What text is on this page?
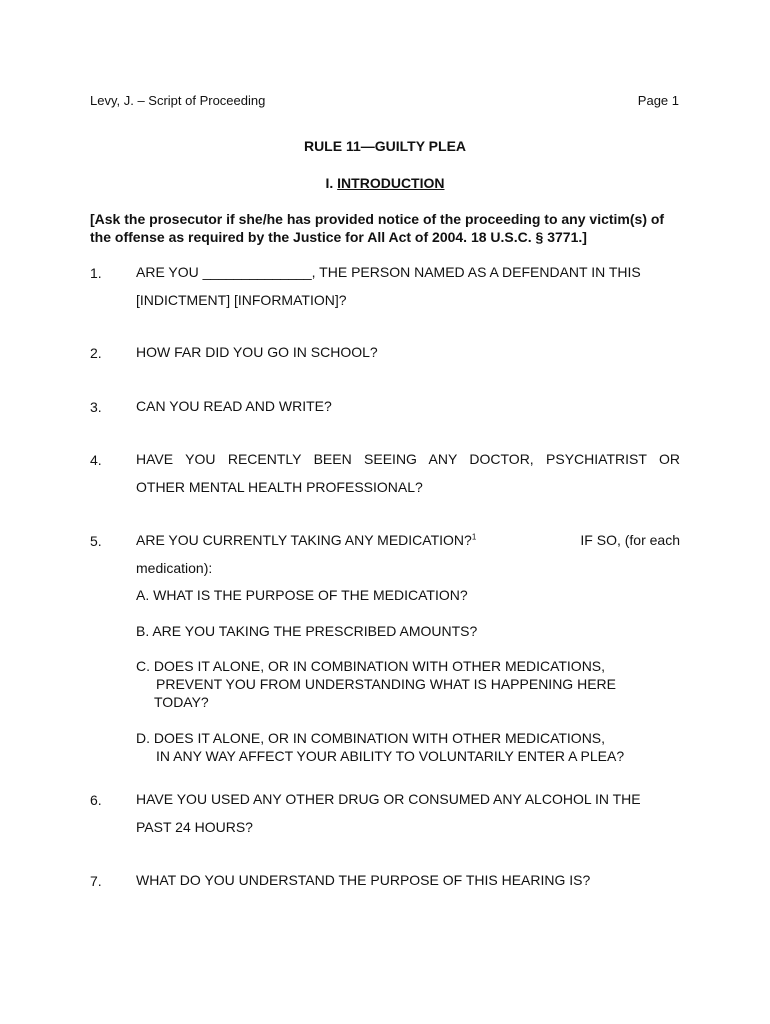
Levy, J. – Script of Proceeding	Page 1
RULE 11—GUILTY PLEA
I. INTRODUCTION
[Ask the prosecutor if she/he has provided notice of the proceeding to any victim(s) of the offense as required by the Justice for All Act of 2004. 18 U.S.C. § 3771.]
1. ARE YOU ______________, THE PERSON NAMED AS A DEFENDANT IN THIS
[INDICTMENT] [INFORMATION]?
2. HOW FAR DID YOU GO IN SCHOOL?
3. CAN YOU READ AND WRITE?
4. HAVE YOU RECENTLY BEEN SEEING ANY DOCTOR, PSYCHIATRIST OR
OTHER MENTAL HEALTH PROFESSIONAL?
5. ARE YOU CURRENTLY TAKING ANY MEDICATION?$^1$	IF SO, (for each
medication):
A. WHAT IS THE PURPOSE OF THE MEDICATION?
B. ARE YOU TAKING THE PRESCRIBED AMOUNTS?
C. DOES IT ALONE, OR IN COMBINATION WITH OTHER MEDICATIONS,
PREVENT YOU FROM UNDERSTANDING WHAT IS HAPPENING HERE
TODAY?
D. DOES IT ALONE, OR IN COMBINATION WITH OTHER MEDICATIONS,
IN ANY WAY AFFECT YOUR ABILITY TO VOLUNTARILY ENTER A PLEA?
6. HAVE YOU USED ANY OTHER DRUG OR CONSUMED ANY ALCOHOL IN THE
PAST 24 HOURS?
7. WHAT DO YOU UNDERSTAND THE PURPOSE OF THIS HEARING IS?
